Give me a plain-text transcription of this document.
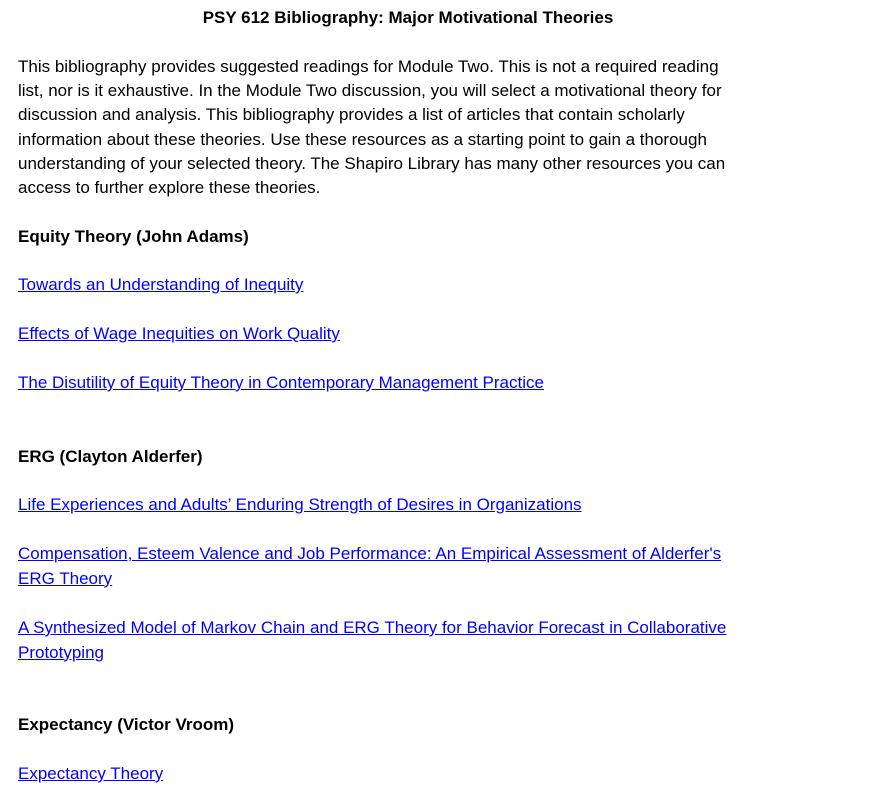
PSY 612 Bibliography: Major Motivational Theories

This bibliography provides suggested readings for Module Two. This is not a required reading
list, nor is it exhaustive. In the Module Two discussion, you will select a motivational theory for
discussion and analysis. This bibliography provides a list of articles that contain scholarly
information about these theories. Use these resources as a starting point to gain a thorough
understanding of your selected theory. The Shapiro Library has many other resources you can
access to further explore these theories.

Equity Theory (John Adams)
Towards an Understanding of Inequity
Effects of Wage Inequities on Work Quality
The Disutility of Equity Theory in Contemporary Management Practice
ERG (Clayton Alderfer)
Life Experiences and Adults’ Enduring Strength of Desires in Organizations
Compensation, Esteem Valence and Job Performance: An Empirical Assessment of Alderfer's
ERG Theory
A Synthesized Model of Markov Chain and ERG Theory for Behavior Forecast in Collaborative
Prototyping
Expectancy (Victor Vroom)
Expectancy Theory
